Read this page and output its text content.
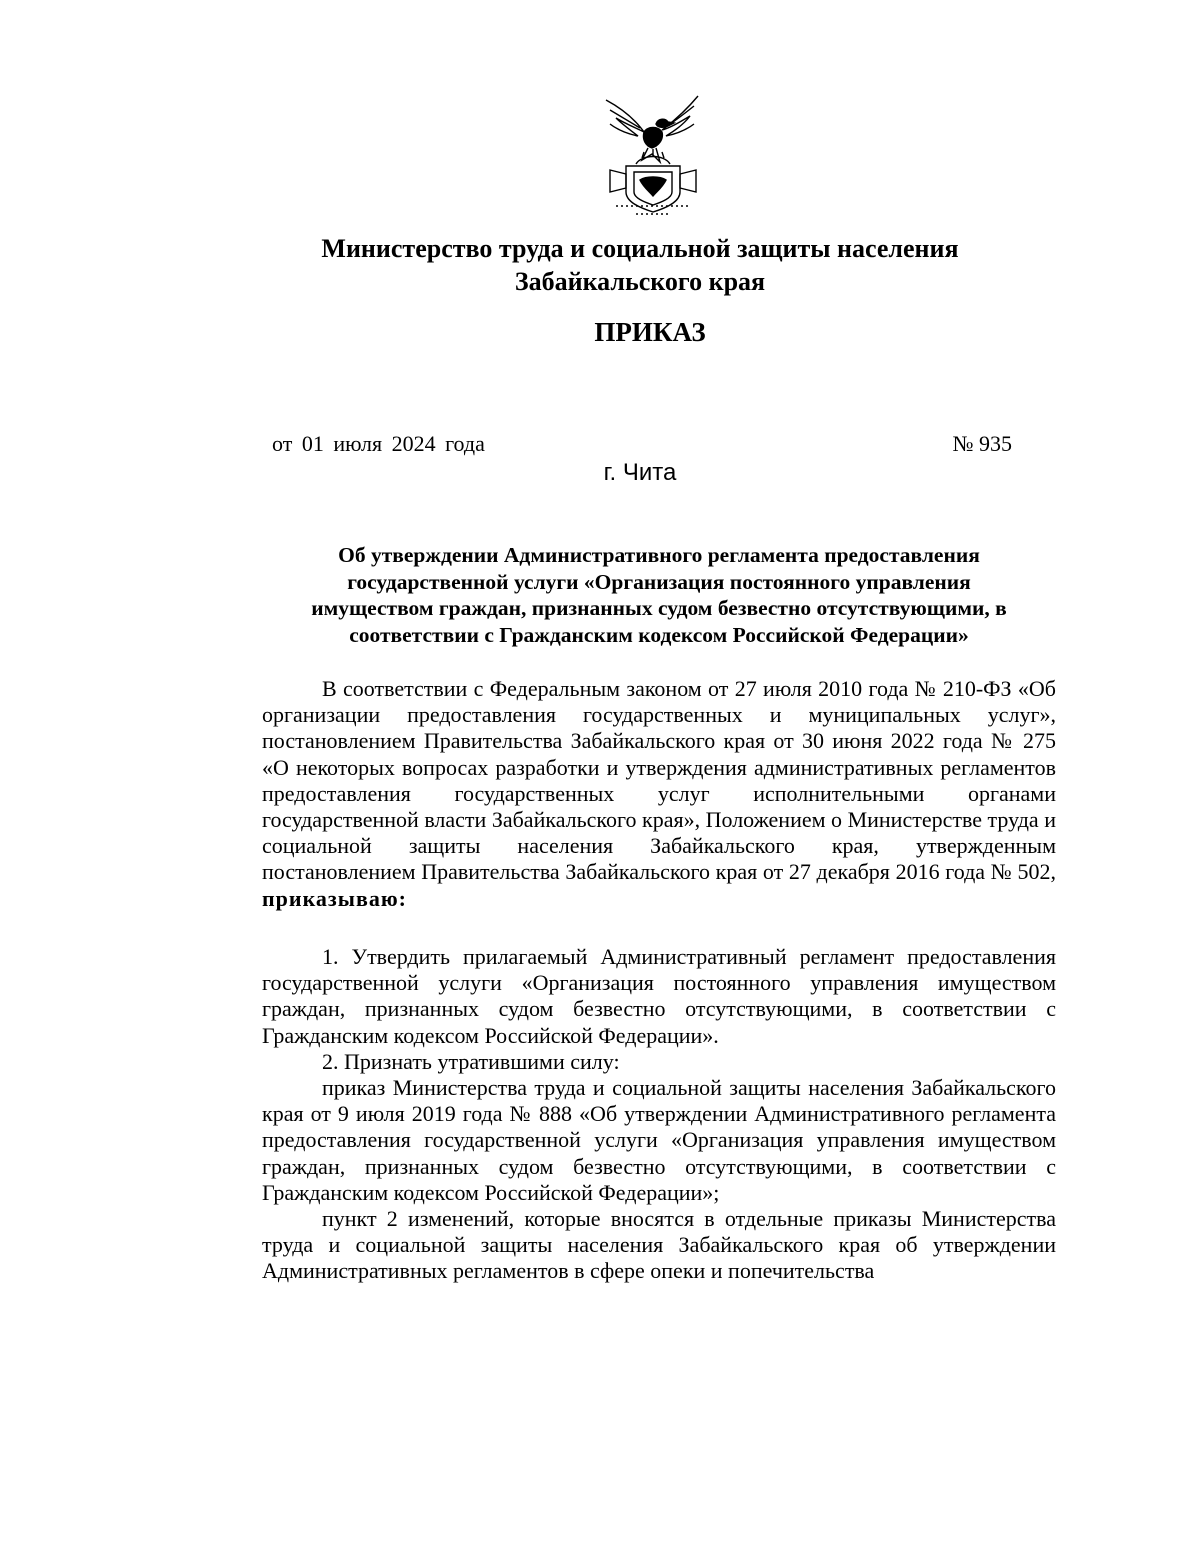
Министерство труда и социальной защиты населения
Забайкальского края
ПРИКАЗ
от 01 июля 2024 года	№ 935
г. Чита
Об утверждении Административного регламента предоставления
государственной услуги «Организация постоянного управления
имуществом граждан, признанных судом безвестно отсутствующими, в
соответствии с Гражданским кодексом Российской Федерации»

В соответствии с Федеральным законом от 27 июля 2010 года № 210-ФЗ «Об организации предоставления государственных и муниципальных услуг», постановлением Правительства Забайкальского края от 30 июня 2022 года № 275 «О некоторых вопросах разработки и утверждения административных регламентов предоставления государственных услуг исполнительными органами государственной власти Забайкальского края», Положением о Министерстве труда и социальной защиты населения Забайкальского края, утвержденным постановлением Правительства Забайкальского края от 27 декабря 2016 года № 502, приказываю:

1. Утвердить прилагаемый Административный регламент предоставления государственной услуги «Организация постоянного управления имуществом граждан, признанных судом безвестно отсутствующими, в соответствии с Гражданским кодексом Российской Федерации».

2. Признать утратившими силу:

приказ Министерства труда и социальной защиты населения Забайкальского края от 9 июля 2019 года № 888 «Об утверждении Административного регламента предоставления государственной услуги «Организация управления имуществом граждан, признанных судом безвестно отсутствующими, в соответствии с Гражданским кодексом Российской Федерации»;

пункт 2 изменений, которые вносятся в отдельные приказы Министерства труда и социальной защиты населения Забайкальского края об утверждении Административных регламентов в сфере опеки и попечительства
